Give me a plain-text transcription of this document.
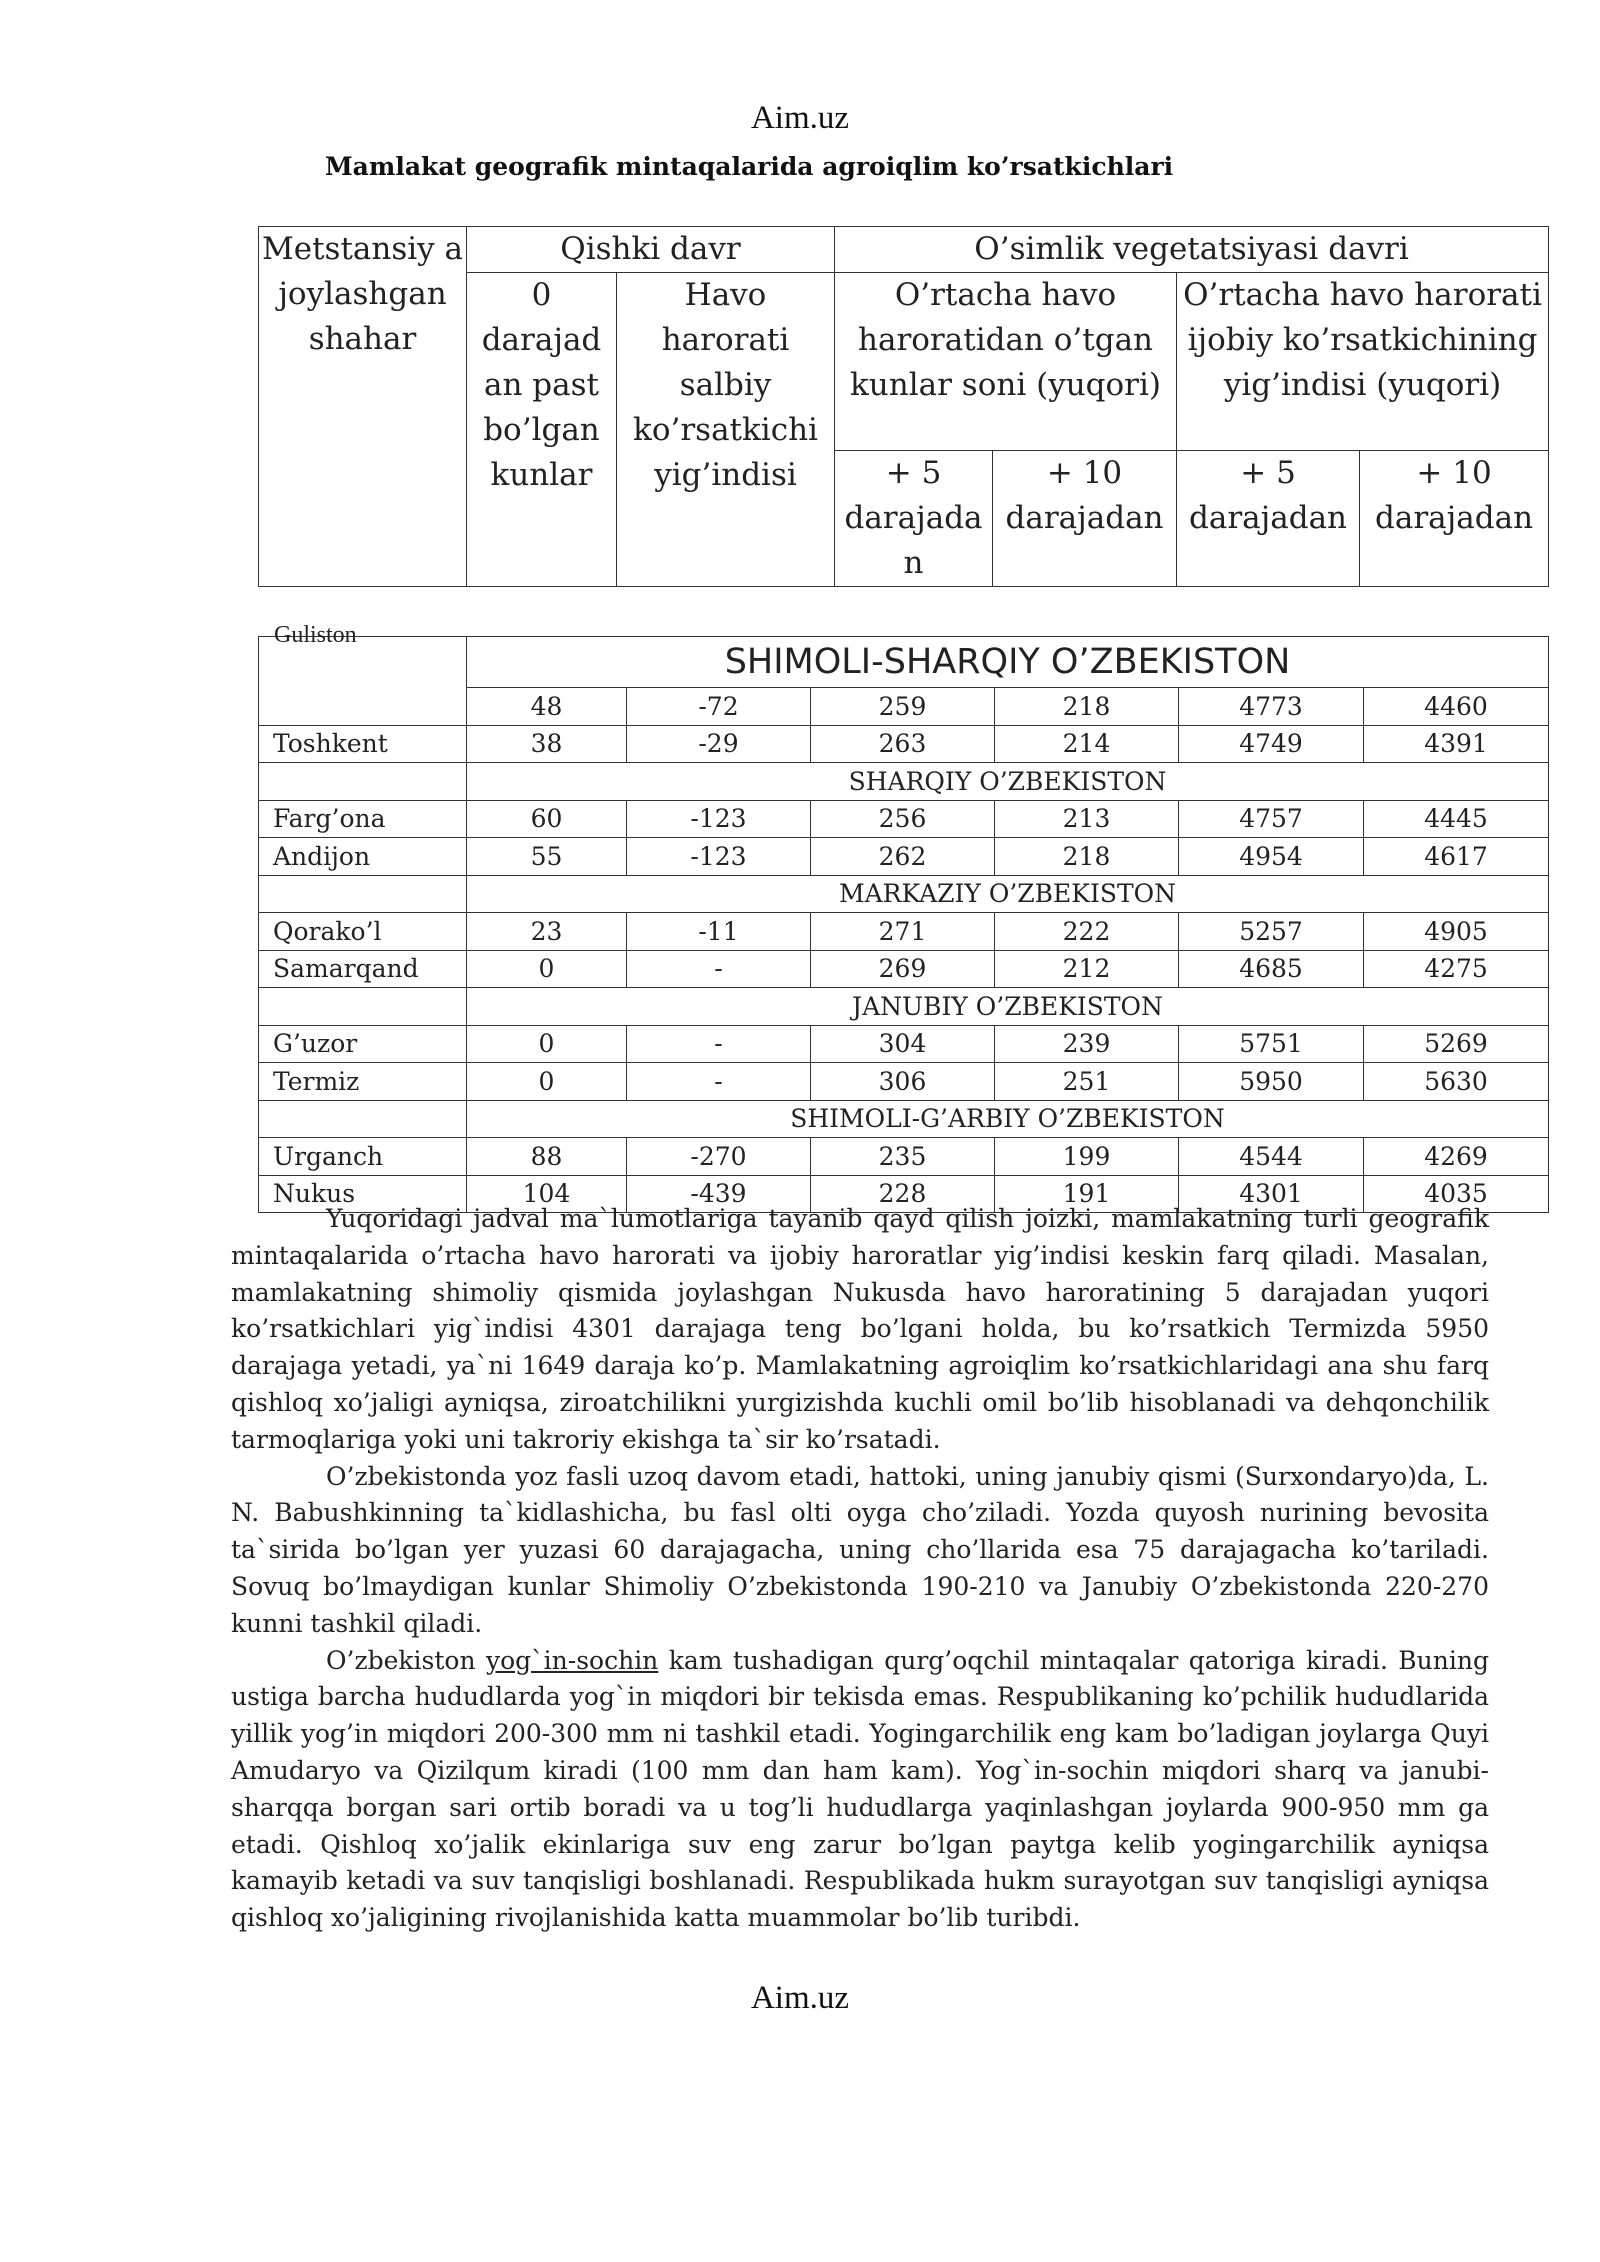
Aim.uz
Mamlakat geografik mintaqalarida agroiqlim ko’rsatkichlari
Metstansiy a joylashgan shahar	Qishki davr		O’simlik vegetatsiyasi davri			
	0 darajad an past bo’lgan kunlar	Havo harorati salbiy ko’rsatkichi yig’indisi	O’rtacha havo haroratidan o’tgan kunlar soni (yuqori)		O’rtacha havo harorati ijobiy ko’rsatkichining yig’indisi (yuqori)	
			+ 5 darajada n	+ 10 darajadan	+ 5 darajadan	+ 10 darajadan

	SHIMOLI-SHARQIY O’ZBEKISTON					
	48	-72	259	218	4773	4460
Toshkent	38	-29	263	214	4749	4391
	SHARQIY O’ZBEKISTON					
Farg’ona	60	-123	256	213	4757	4445
Andijon	55	-123	262	218	4954	4617
	MARKAZIY O’ZBEKISTON					
Qorako’l	23	-11	271	222	5257	4905
Samarqand	0	-	269	212	4685	4275
	JANUBIY O’ZBEKISTON					
G’uzor	0	-	304	239	5751	5269
Termiz	0	-	306	251	5950	5630
	SHIMOLI-G’ARBIY O’ZBEKISTON					
Urganch	88	-270	235	199	4544	4269
Nukus	104	-439	228	191	4301	4035

Yuqoridagi jadval ma`lumotlariga tayanib qayd qilish joizki, mamlakatning turli geografik mintaqalarida o’rtacha havo harorati va ijobiy haroratlar yig’indisi keskin farq qiladi. Masalan, mamlakatning shimoliy qismida joylashgan Nukusda havo haroratining 5 darajadan yuqori ko’rsatkichlari yig`indisi 4301 darajaga teng bo’lgani holda, bu ko’rsatkich Termizda 5950 darajaga yetadi, ya`ni 1649 daraja ko’p. Mamlakatning agroiqlim ko’rsatkichlaridagi ana shu farq qishloq xo’jaligi ayniqsa, ziroatchilikni yurgizishda kuchli omil bo’lib hisoblanadi va dehqonchilik tarmoqlariga yoki uni takroriy ekishga ta`sir ko’rsatadi.

O’zbekistonda yoz fasli uzoq davom etadi, hattoki, uning janubiy qismi (Surxondaryo)da, L. N. Babushkinning ta`kidlashicha, bu fasl olti oyga cho’ziladi. Yozda quyosh nurining bevosita ta`sirida bo’lgan yer yuzasi 60 darajagacha, uning cho’llarida esa 75 darajagacha ko’tariladi. Sovuq bo’lmaydigan kunlar Shimoliy O’zbekistonda 190-210 va Janubiy O’zbekistonda 220-270 kunni tashkil qiladi.

O’zbekiston yog`in-sochin kam tushadigan qurg’oqchil mintaqalar qatoriga kiradi. Buning ustiga barcha hududlarda yog`in miqdori bir tekisda emas. Respublikaning ko’pchilik hududlarida yillik yog’in miqdori 200-300 mm ni tashkil etadi. Yogingarchilik eng kam bo’ladigan joylarga Quyi Amudaryo va Qizilqum kiradi (100 mm dan ham kam). Yog`in-sochin miqdori sharq va janubi-sharqqa borgan sari ortib boradi va u tog’li hududlarga yaqinlashgan joylarda 900-950 mm ga etadi. Qishloq xo’jalik ekinlariga suv eng zarur bo’lgan paytga kelib yogingarchilik ayniqsa kamayib ketadi va suv tanqisligi boshlanadi. Respublikada hukm surayotgan suv tanqisligi ayniqsa qishloq xo’jaligining rivojlanishida katta muammolar bo’lib turibdi.

Aim.uz
Guliston
